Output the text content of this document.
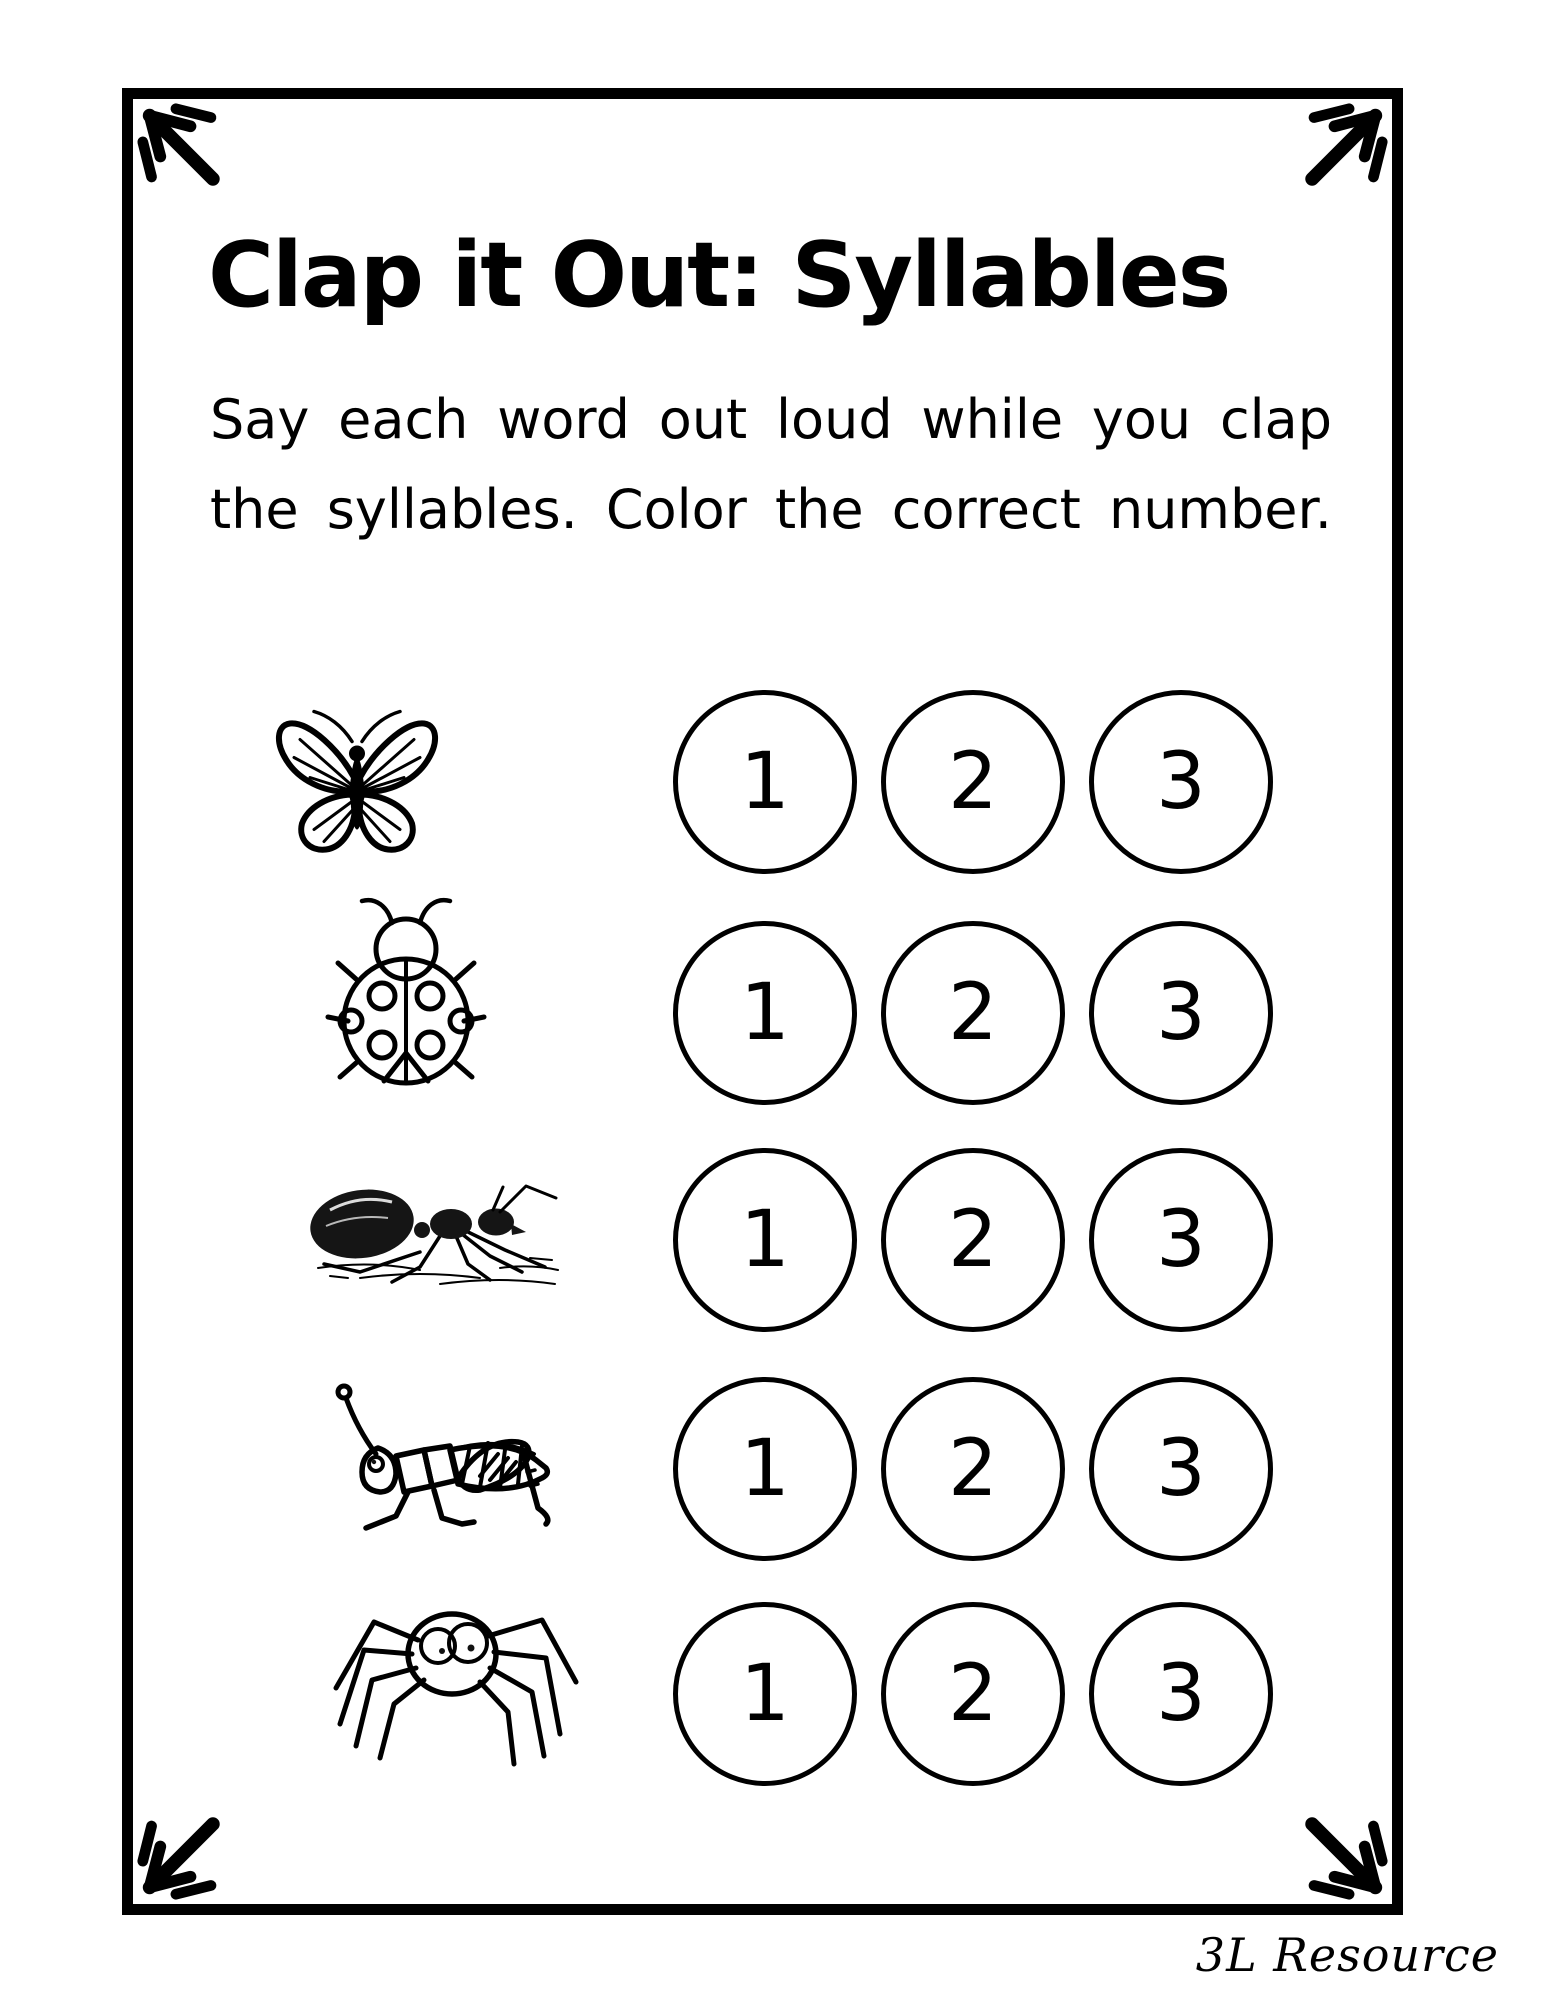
Clap it Out: Syllables
Say each word out loud while you clap
the syllables. Color the correct number.
1	2	3
1	2	3
1	2	3
1	2	3
1	2	3
3L Resource
